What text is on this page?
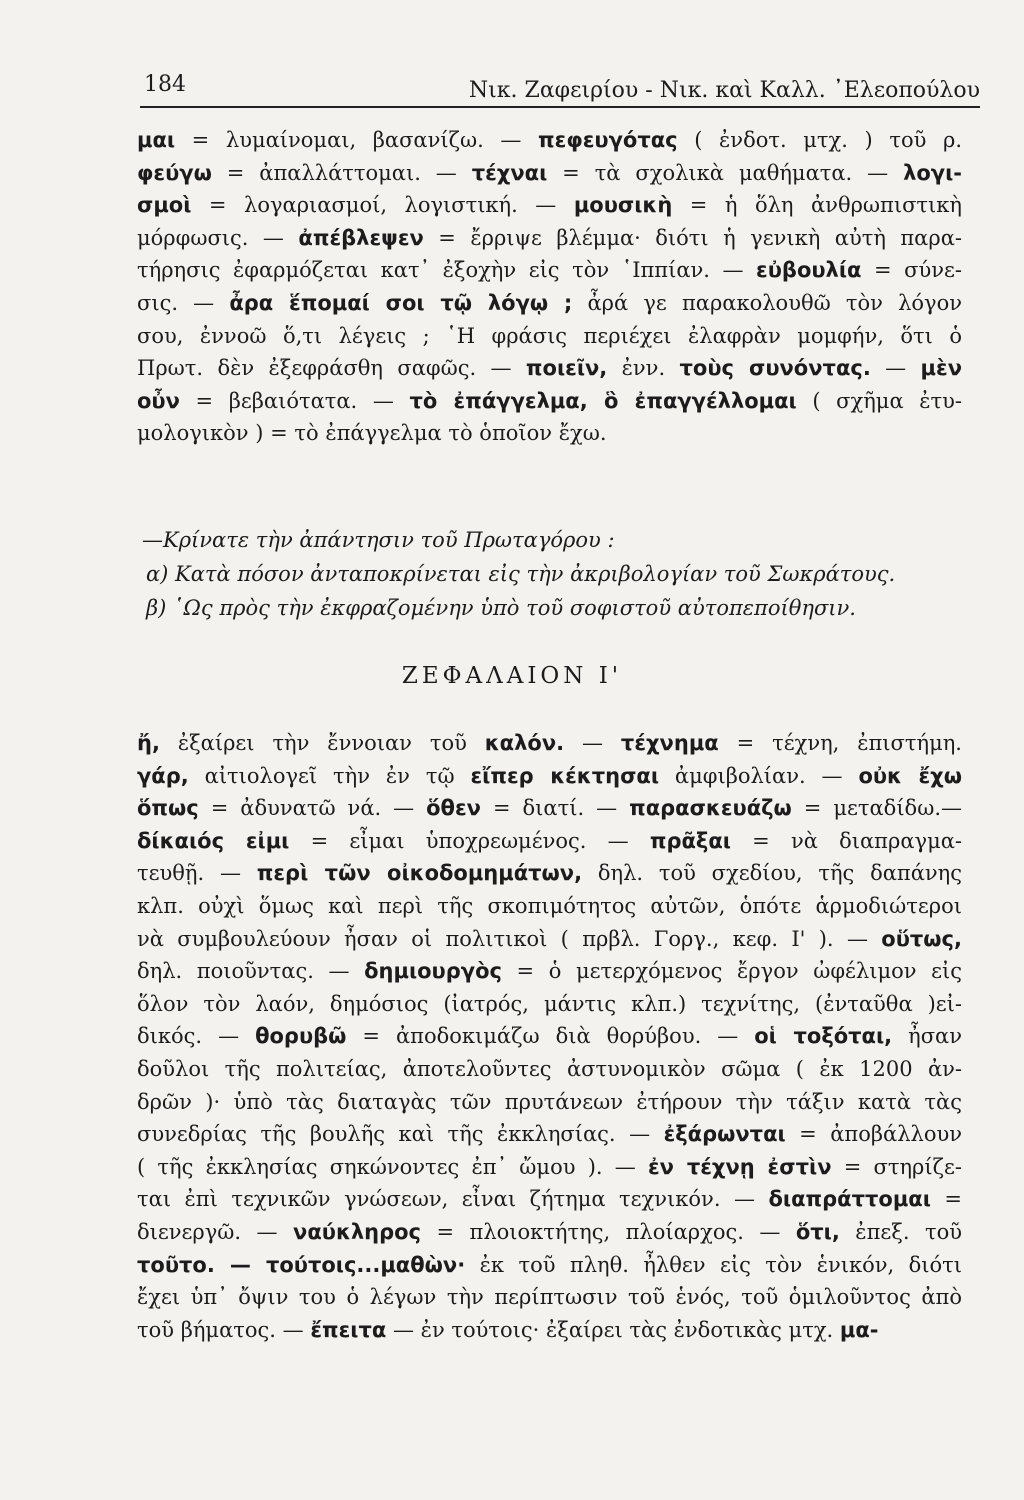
184	Νικ. Ζαφειρίου - Νικ. καὶ Καλλ. ᾿Ελεοπούλου
μαι = λυμαίνομαι, βασανίζω. — πεφευγότας ( ἐνδοτ. μτχ. ) τοῦ ρ.
φεύγω = ἀπαλλάττομαι. — τέχναι = τὰ σχολικὰ μαθήματα. — λογι-
σμοὶ = λογαριασμοί, λογιστική. — μουσικὴ = ἡ ὅλη ἀνθρωπιστικὴ
μόρφωσις. — ἀπέβλεψεν = ἔρριψε βλέμμα· διότι ἡ γενικὴ αὐτὴ παρα-
τήρησις ἐφαρμόζεται κατ᾿ ἐξοχὴν εἰς τὸν ῾Ιππίαν. — εὐβουλία = σύνε-
σις. — ἆρα ἕπομαί σοι τῷ λόγῳ ; ἆρά γε παρακολουθῶ τὸν λόγον
σου, ἐννοῶ ὅ,τι λέγεις ; ῾Η φράσις περιέχει ἐλαφρὰν μομφήν, ὅτι ὁ
Πρωτ. δὲν ἐξεφράσθη σαφῶς. — ποιεῖν, ἐνν. τοὺς συνόντας. — μὲν
οὖν = βεβαιότατα. — τὸ ἐπάγγελμα, ὃ ἐπαγγέλλομαι ( σχῆμα ἐτυ-
μολογικὸν ) = τὸ ἐπάγγελμα τὸ ὁποῖον ἔχω.
—Κρίνατε τὴν ἀπάντησιν τοῦ Πρωταγόρου :
α) Κατὰ πόσον ἀνταποκρίνεται εἰς τὴν ἀκριβολογίαν τοῦ Σωκράτους.
β) ῾Ως πρὸς τὴν ἐκφραζομένην ὑπὸ τοῦ σοφιστοῦ αὐτοπεποίθησιν.
ΖΕΦΑΛΑΙΟΝ Ι'
ἤ, ἐξαίρει τὴν ἔννοιαν τοῦ καλόν. — τέχνημα = τέχνη, ἐπιστήμη.
γάρ, αἰτιολογεῖ τὴν ἐν τῷ εἴπερ κέκτησαι ἀμφιβολίαν. — οὐκ ἔχω
ὅπως = ἀδυνατῶ νά. — ὅθεν = διατί. — παρασκευάζω = μεταδίδω.—
δίκαιός εἰμι = εἶμαι ὑποχρεωμένος. — πρᾶξαι = νὰ διαπραγμα-
τευθῇ. — περὶ τῶν οἰκοδομημάτων, δηλ. τοῦ σχεδίου, τῆς δαπάνης
κλπ. οὐχὶ ὅμως καὶ περὶ τῆς σκοπιμότητος αὐτῶν, ὁπότε ἁρμοδιώτεροι
νὰ συμβουλεύουν ἦσαν οἱ πολιτικοὶ ( πρβλ. Γοργ., κεφ. Ι' ). — οὕτως,
δηλ. ποιοῦντας. — δημιουργὸς = ὁ μετερχόμενος ἔργον ὠφέλιμον εἰς
ὅλον τὸν λαόν, δημόσιος (ἰατρός, μάντις κλπ.) τεχνίτης, (ἐνταῦθα )εἰ-
δικός. — θορυβῶ = ἀποδοκιμάζω διὰ θορύβου. — οἱ τοξόται, ἦσαν
δοῦλοι τῆς πολιτείας, ἀποτελοῦντες ἀστυνομικὸν σῶμα ( ἐκ 1200 ἀν-
δρῶν )· ὑπὸ τὰς διαταγὰς τῶν πρυτάνεων ἐτήρουν τὴν τάξιν κατὰ τὰς
συνεδρίας τῆς βουλῆς καὶ τῆς ἐκκλησίας. — ἐξάρωνται = ἀποβάλλουν
( τῆς ἐκκλησίας σηκώνοντες ἐπ᾿ ὤμου ). — ἐν τέχνῃ ἐστὶν = στηρίζε-
ται ἐπὶ τεχνικῶν γνώσεων, εἶναι ζήτημα τεχνικόν. — διαπράττομαι =
διενεργῶ. — ναύκληρος = πλοιοκτήτης, πλοίαρχος. — ὅτι, ἐπεξ. τοῦ
τοῦτο. — τούτοις...μαθὼν· ἐκ τοῦ πληθ. ἦλθεν εἰς τὸν ἑνικόν, διότι
ἔχει ὑπ᾿ ὄψιν του ὁ λέγων τὴν περίπτωσιν τοῦ ἑνός, τοῦ ὁμιλοῦντος ἀπὸ
τοῦ βήματος. — ἔπειτα — ἐν τούτοις· ἐξαίρει τὰς ἐνδοτικὰς μτχ. μα-
